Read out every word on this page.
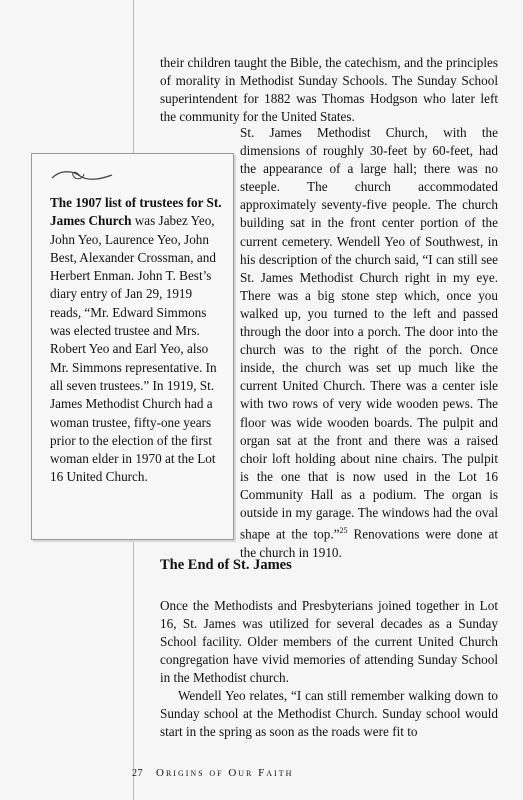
their children taught the Bible, the catechism, and the principles of morality in Methodist Sunday Schools. The Sunday School superintendent for 1882 was Thomas Hodgson who later left the community for the United States.

St. James Methodist Church, with the dimensions of roughly 30-feet by 60-feet, had the appearance of a large hall; there was no steeple. The church accommodated approximately seventy-five people. The church building sat in the front center portion of the current cemetery. Wendell Yeo of Southwest, in his description of the church said, “I can still see St. James Methodist Church right in my eye. There was a big stone step which, once you walked up, you turned to the left and passed through the door into a porch. The door into the church was to the right of the porch. Once inside, the church was set up much like the current United Church. There was a center isle with two rows of very wide wooden pews. The floor was wide wooden boards. The pulpit and organ sat at the front and there was a raised choir loft holding about nine chairs. The pulpit is the one that is now used in the Lot 16 Community Hall as a podium. The organ is outside in my garage. The windows had the oval shape at the top.”$^{25}$ Renovations were done at the church in 1910.

The 1907 list of trustees for St. James Church was Jabez Yeo, John Yeo, Laurence Yeo, John Best, Alexander Crossman, and Herbert Enman. John T. Best’s diary entry of Jan 29, 1919 reads, “Mr. Edward Simmons was elected trustee and Mrs. Robert Yeo and Earl Yeo, also Mr. Simmons representative. In all seven trustees.” In 1919, St. James Methodist Church had a woman trustee, fifty-one years prior to the election of the first woman elder in 1970 at the Lot 16 United Church.

The End of St. James

Once the Methodists and Presbyterians joined together in Lot 16, St. James was utilized for several decades as a Sunday School facility. Older members of the current United Church congregation have vivid memories of attending Sunday School in the Methodist church.

Wendell Yeo relates, “I can still remember walking down to Sunday school at the Methodist Church. Sunday school would start in the spring as soon as the roads were fit to

27 Origins of Our Faith
